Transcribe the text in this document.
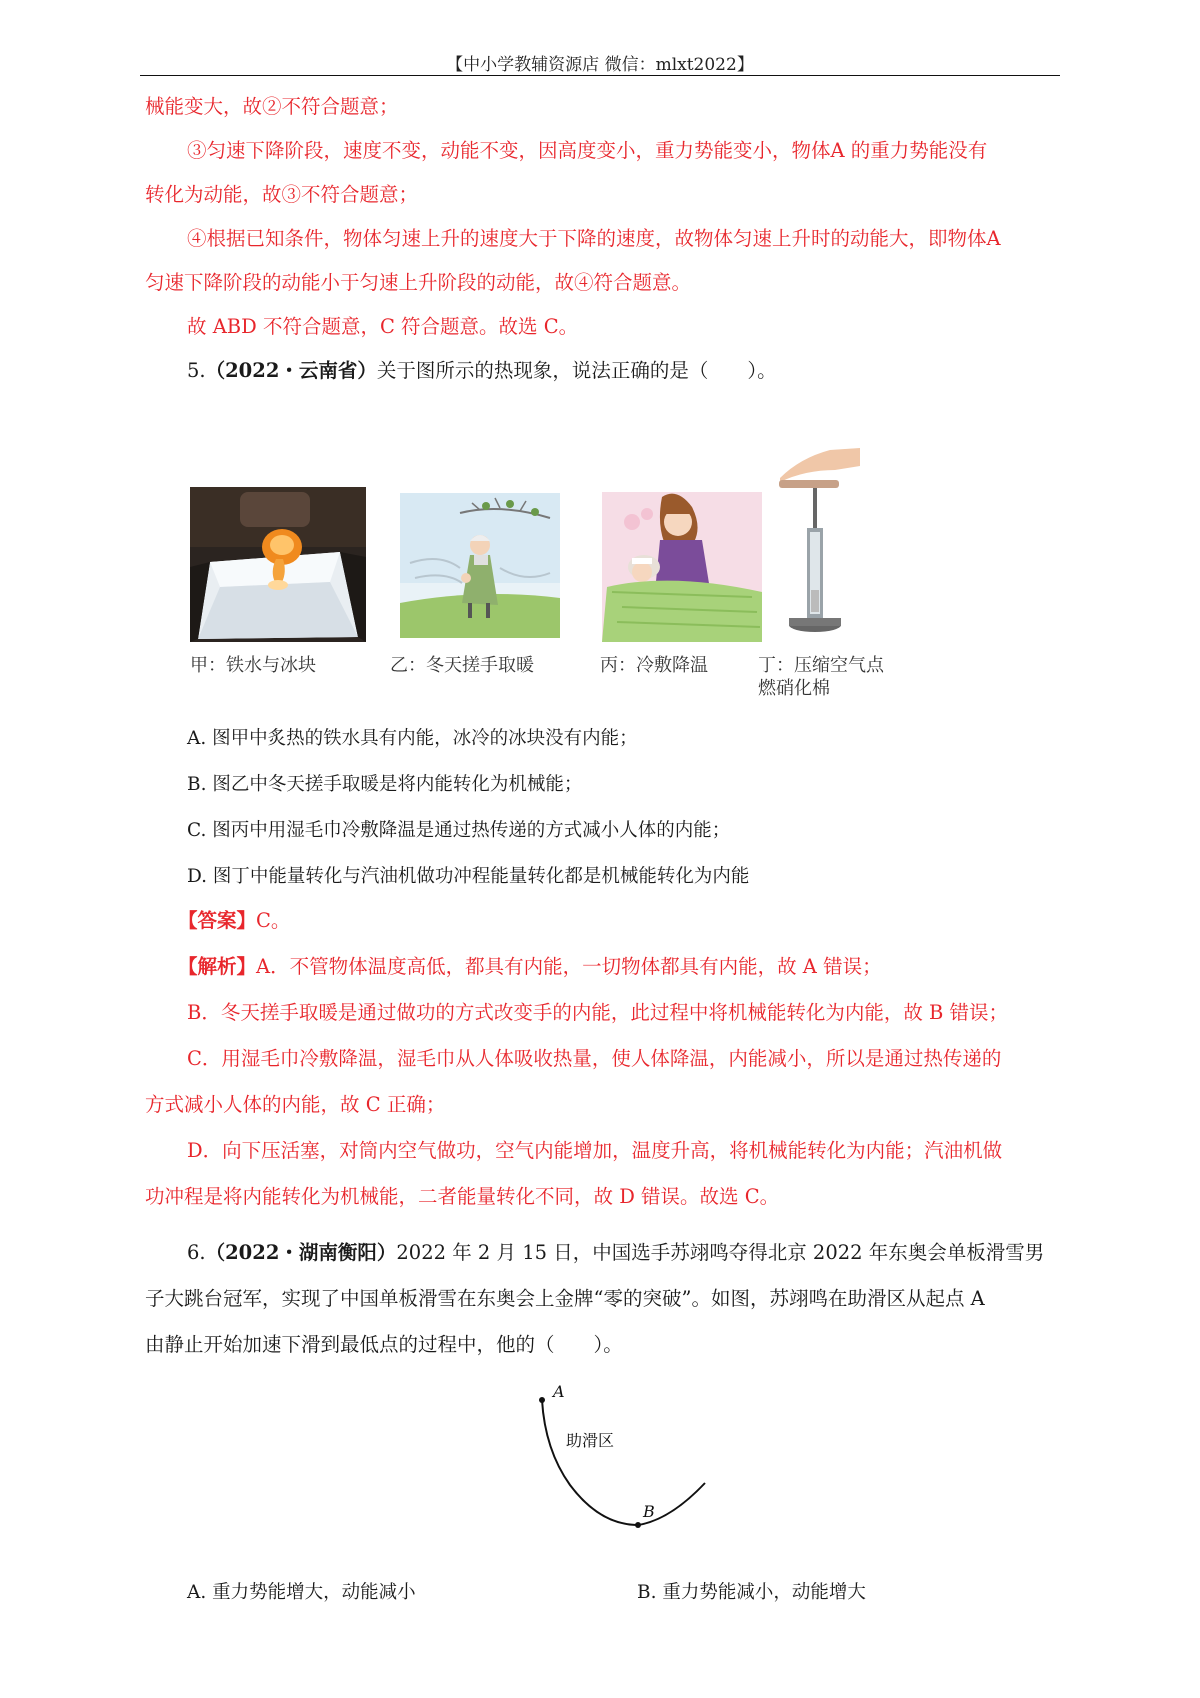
【中小学教辅资源店 微信：mlxt2022】
械能变大，故②不符合题意；
③匀速下降阶段，速度不变，动能不变，因高度变小，重力势能变小，物体A 的重力势能没有
转化为动能，故③不符合题意；
④根据已知条件，物体匀速上升的速度大于下降的速度，故物体匀速上升时的动能大，即物体A
匀速下降阶段的动能小于匀速上升阶段的动能，故④符合题意。
故 ABD 不符合题意，C 符合题意。故选 C。
5.（2022・云南省）关于图所示的热现象，说法正确的是（　　）。
甲：铁水与冰块	乙：冬天搓手取暖	丙：冷敷降温	丁：压缩空气点
燃硝化棉
A. 图甲中炙热的铁水具有内能，冰冷的冰块没有内能；
B. 图乙中冬天搓手取暖是将内能转化为机械能；
C. 图丙中用湿毛巾冷敷降温是通过热传递的方式减小人体的内能；
D. 图丁中能量转化与汽油机做功冲程能量转化都是机械能转化为内能
【答案】C。
【解析】A．不管物体温度高低，都具有内能，一切物体都具有内能，故 A 错误；
B．冬天搓手取暖是通过做功的方式改变手的内能，此过程中将机械能转化为内能，故 B 错误；
C．用湿毛巾冷敷降温，湿毛巾从人体吸收热量，使人体降温，内能减小，所以是通过热传递的
方式减小人体的内能，故 C 正确；
D．向下压活塞，对筒内空气做功，空气内能增加，温度升高，将机械能转化为内能；汽油机做
功冲程是将内能转化为机械能，二者能量转化不同，故 D 错误。故选 C。
6.（2022・湖南衡阳）2022 年 2 月 15 日，中国选手苏翊鸣夺得北京 2022 年东奥会单板滑雪男
子大跳台冠军，实现了中国单板滑雪在东奥会上金牌“零的突破”。如图，苏翊鸣在助滑区从起点 A
由静止开始加速下滑到最低点的过程中，他的（　　）。
A
B
助滑区
A. 重力势能增大，动能减小	B. 重力势能减小，动能增大
